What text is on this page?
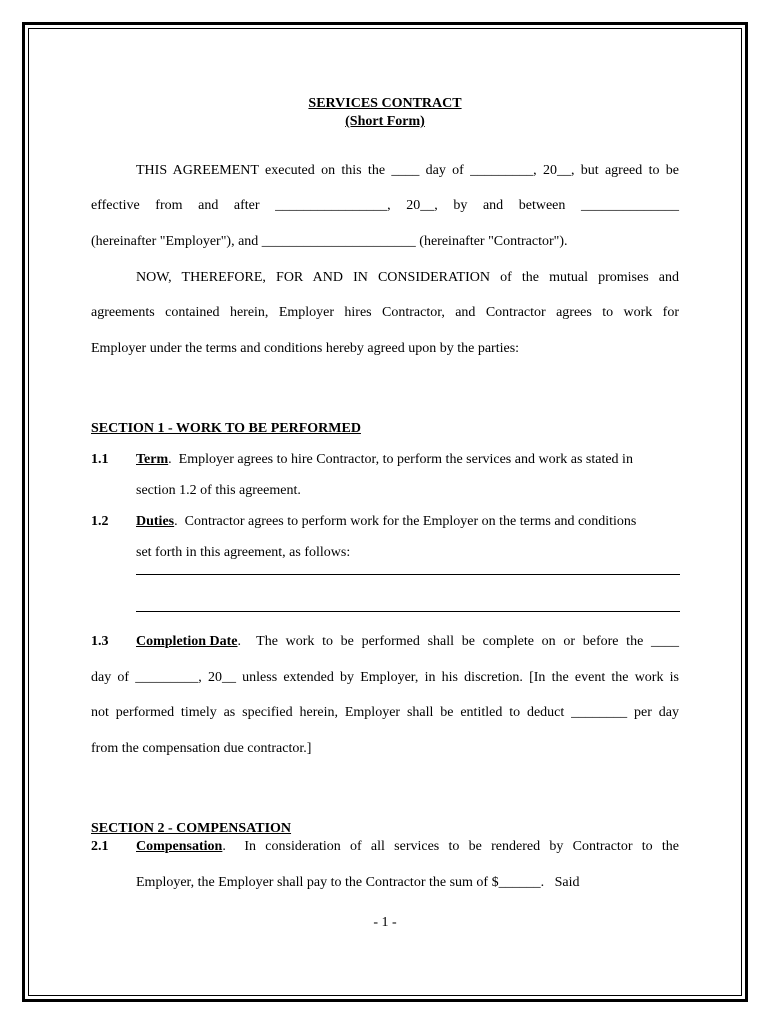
SERVICES CONTRACT
(Short Form)
THIS AGREEMENT executed on this the ____ day of _________, 20__, but agreed to be
effective from and after ________________, 20__, by and between ______________
(hereinafter "Employer"), and ______________________ (hereinafter "Contractor").
NOW, THEREFORE, FOR AND IN CONSIDERATION of the mutual promises and
agreements contained herein, Employer hires Contractor, and Contractor agrees to work for
Employer under the terms and conditions hereby agreed upon by the parties:
SECTION 1 - WORK TO BE PERFORMED
1.1 Term .  Employer agrees to hire Contractor, to perform the services and work as stated in
section 1.2 of this agreement.
1.2 Duties .  Contractor agrees to perform work for the Employer on the terms and conditions
set forth in this agreement, as follows:
1.3 Completion Date .  The work to be performed shall be complete on or before the ____
day of _________, 20__ unless extended by Employer, in his discretion. [In the event the work is
not performed timely as specified herein, Employer shall be entitled to deduct ________ per day
from the compensation due contractor.]
SECTION 2 - COMPENSATION
2.1 Compensation .  In consideration of all services to be rendered by Contractor to the
Employer, the Employer shall pay to the Contractor the sum of $______.   Said
- 1 -
